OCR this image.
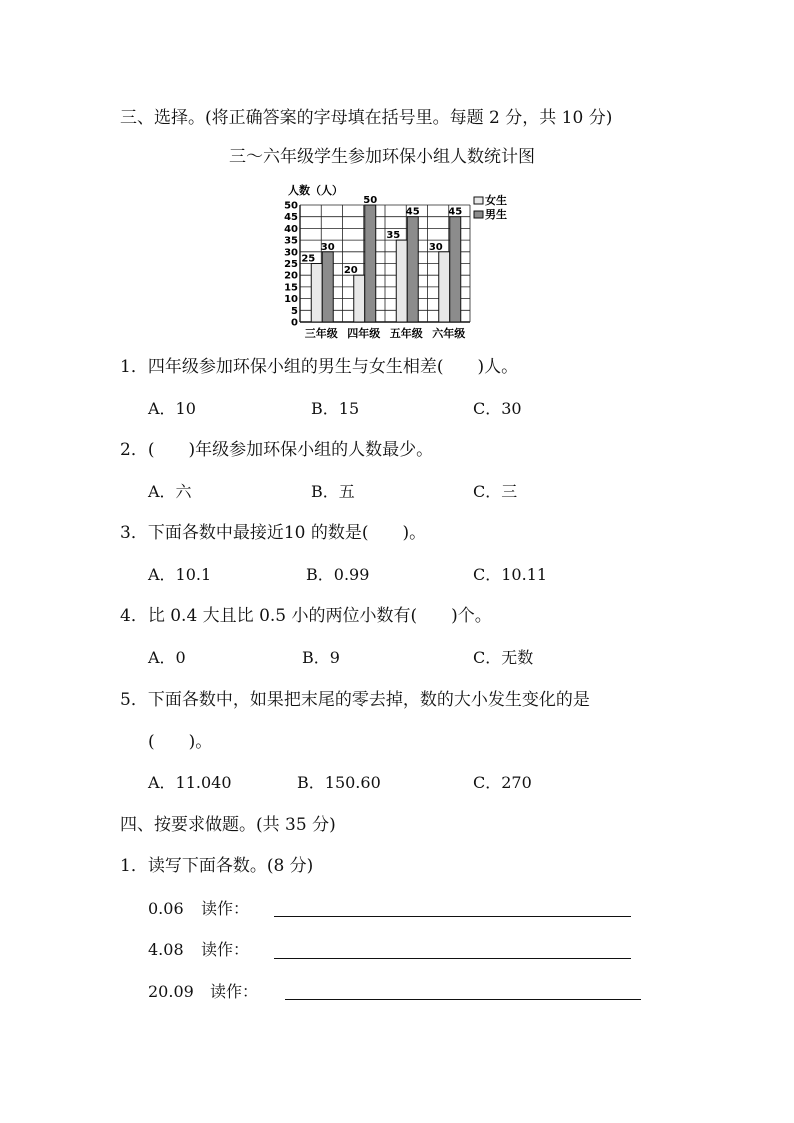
三、选择。(将正确答案的字母填在括号里。每题 2 分，共 10 分)
三～六年级学生参加环保小组人数统计图
人数（人）
0
5
10
15
20
25
30
35
40
45
50
25
30
三年级
20
50
四年级
35
45
五年级
30
45
六年级
女生
男生
1．四年级参加环保小组的男生与女生相差(　　)人。
A．10	B．15	C．30
2．(　　)年级参加环保小组的人数最少。
A．六	B．五	C．三
3．下面各数中最接近10 的数是(　　)。
A．10.1	B．0.99	C．10.11
4．比 0.4 大且比 0.5 小的两位小数有(　　)个。
A．0	B．9	C．无数
5．下面各数中，如果把末尾的零去掉，数的大小发生变化的是
(　　)。
A．11.040	B．150.60	C．270
四、按要求做题。(共 35 分)
1．读写下面各数。(8 分)
0.06 读作：
4.08 读作：
20.09 读作：
